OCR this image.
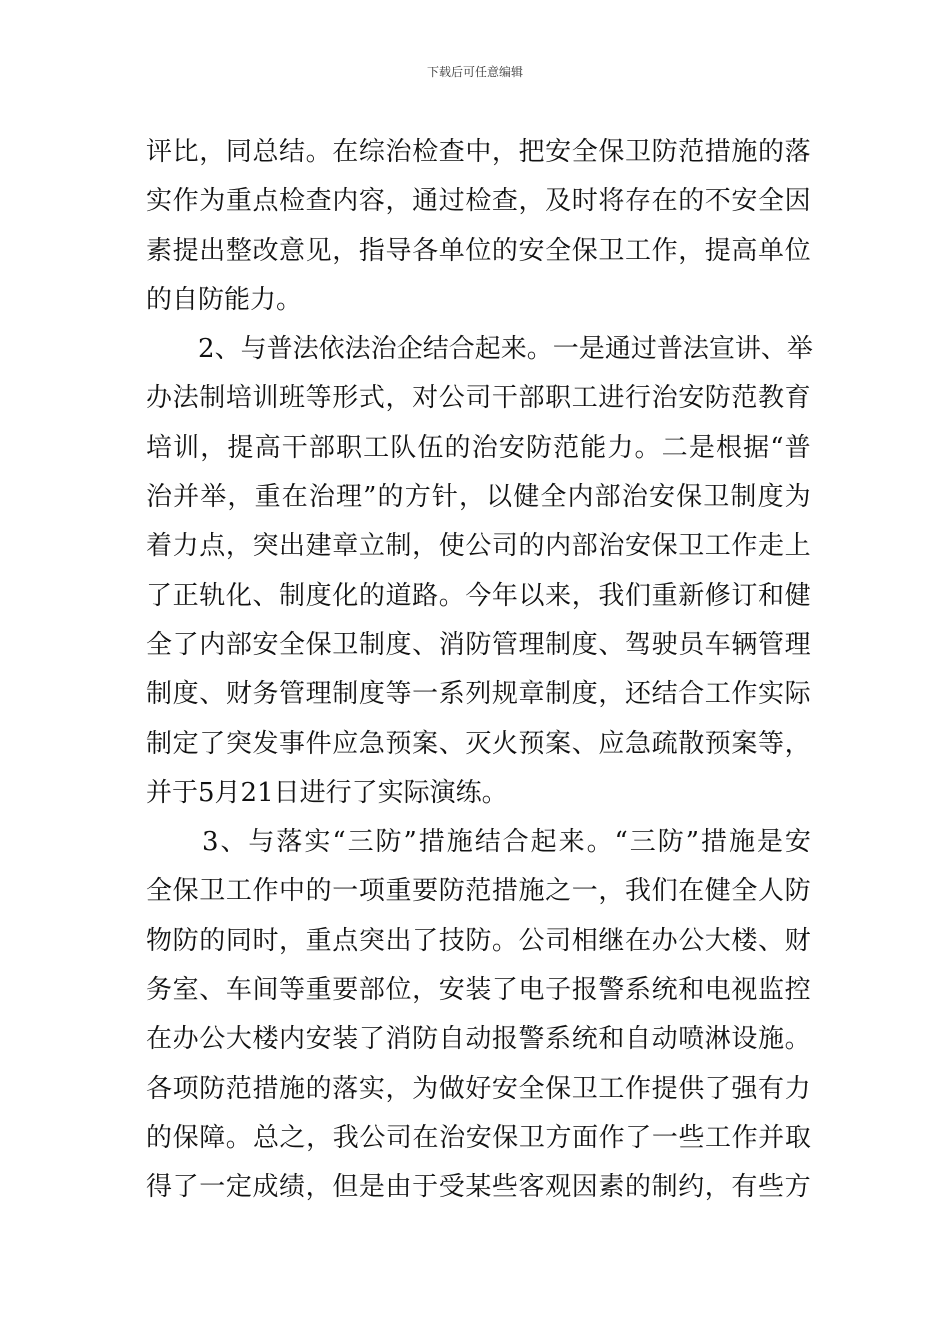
下载后可任意编辑
评 比 ， 同 总 结 。 在 综 治 检 查 中 ， 把 安 全 保 卫 防 范 措 施 的 落
实 作 为 重 点 检 查 内 容 ， 通 过 检 查 ， 及 时 将 存 在 的 不 安 全 因
素 提 出 整 改 意 见 ， 指 导 各 单 位 的 安 全 保 卫 工 作 ， 提 高 单 位
的自防能力。

2 、 与 普 法 依 法 治 企 结 合 起 来 。 一 是 通 过 普 法 宣 讲 、 举
办 法 制 培 训 班 等 形 式 ， 对 公 司 干 部 职 工 进 行 治 安 防 范 教 育
培 训 ， 提 高 干 部 职 工 队 伍 的 治 安 防 范 能 力 。 二 是 根 据 “ 普
治 并 举 ， 重 在 治 理 ” 的 方 针 ， 以 健 全 内 部 治 安 保 卫 制 度 为
着 力 点 ， 突 出 建 章 立 制 ， 使 公 司 的 内 部 治 安 保 卫 工 作 走 上
了 正 轨 化 、 制 度 化 的 道 路 。 今 年 以 来 ， 我 们 重 新 修 订 和 健
全 了 内 部 安 全 保 卫 制 度 、 消 防 管 理 制 度 、 驾 驶 员 车 辆 管 理
制 度 、 财 务 管 理 制 度 等 一 系 列 规 章 制 度 ， 还 结 合 工 作 实 际
制 定 了 突 发 事 件 应 急 预 案 、 灭 火 预 案 、 应 急 疏 散 预 案 等 ，
并于5月21日进行了实际演练。

3 、 与 落 实 “ 三 防 ” 措 施 结 合 起 来 。 “ 三 防 ” 措 施 是 安
全 保 卫 工 作 中 的 一 项 重 要 防 范 措 施 之 一 ， 我 们 在 健 全 人 防
物 防 的 同 时 ， 重 点 突 出 了 技 防 。 公 司 相 继 在 办 公 大 楼 、 财
务 室 、 车 间 等 重 要 部 位 ， 安 装 了 电 子 报 警 系 统 和 电 视 监 控
在 办 公 大 楼 内 安 装 了 消 防 自 动 报 警 系 统 和 自 动 喷 淋 设 施 。
各 项 防 范 措 施 的 落 实 ， 为 做 好 安 全 保 卫 工 作 提 供 了 强 有 力
的 保 障 。 总 之 ， 我 公 司 在 治 安 保 卫 方 面 作 了 一 些 工 作 并 取
得 了 一 定 成 绩 ， 但 是 由 于 受 某 些 客 观 因 素 的 制 约 ， 有 些 方
